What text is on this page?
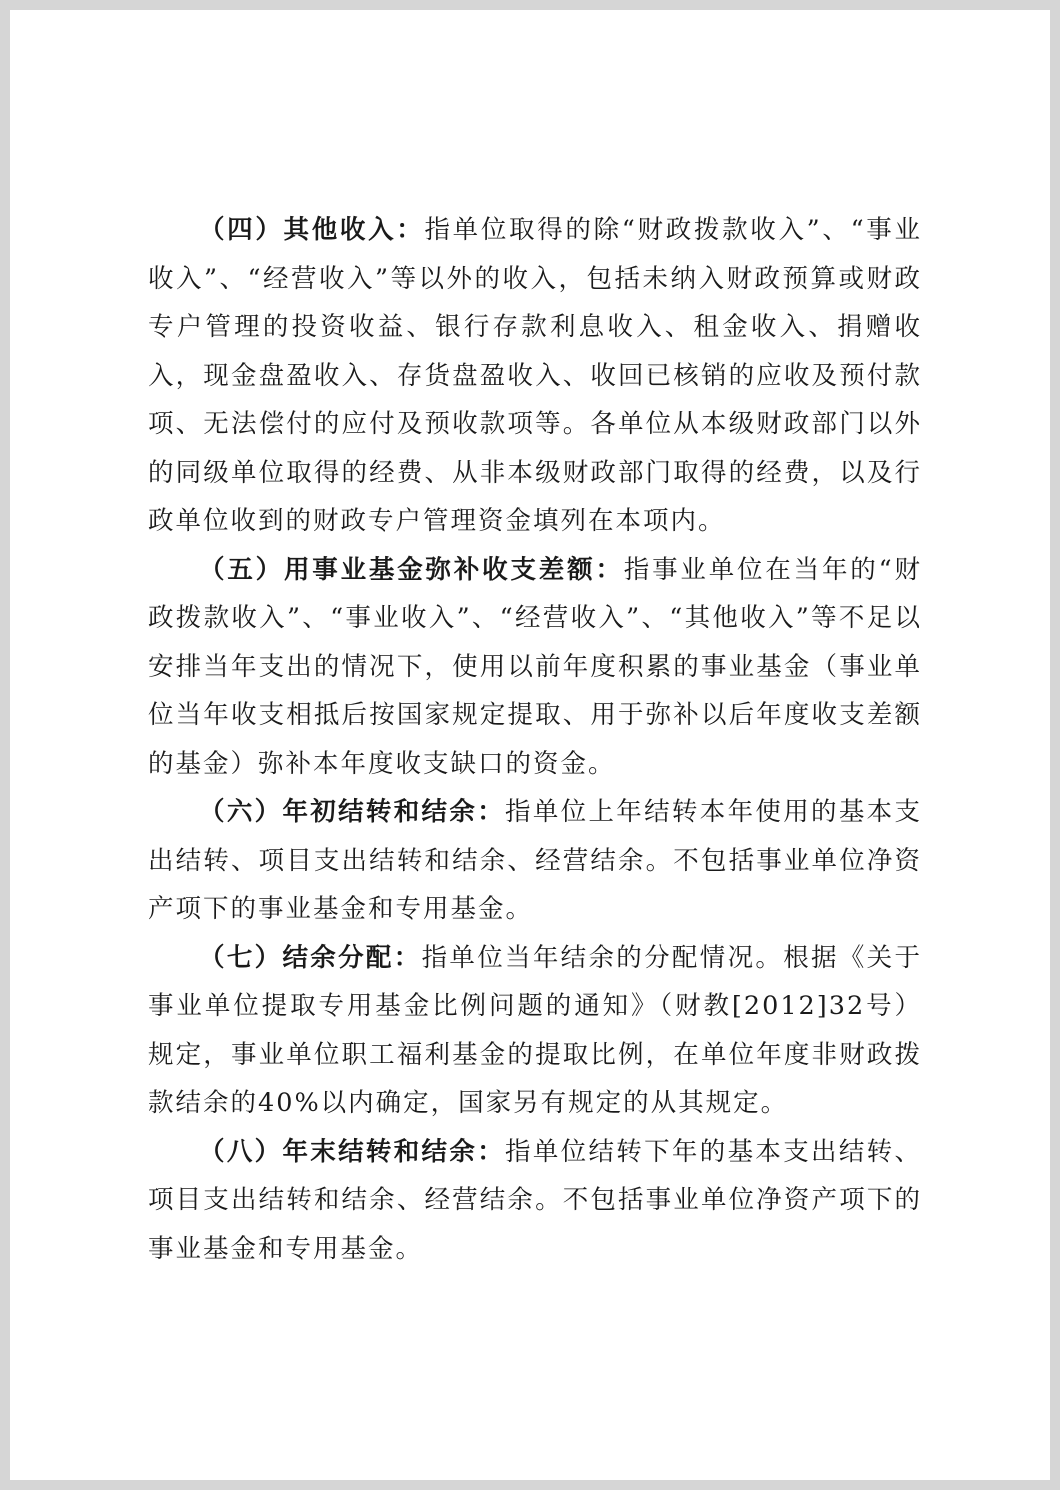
（四）其他收入：指单位取得的除“财政拨款收入”、“事业收入”、“经营收入”等以外的收入，包括未纳入财政预算或财政专户管理的投资收益、银行存款利息收入、租金收入、捐赠收入，现金盘盈收入、存货盘盈收入、收回已核销的应收及预付款项、无法偿付的应付及预收款项等。各单位从本级财政部门以外的同级单位取得的经费、从非本级财政部门取得的经费，以及行政单位收到的财政专户管理资金填列在本项内。

（五）用事业基金弥补收支差额：指事业单位在当年的“财政拨款收入”、“事业收入”、“经营收入”、“其他收入”等不足以安排当年支出的情况下，使用以前年度积累的事业基金（事业单位当年收支相抵后按国家规定提取、用于弥补以后年度收支差额的基金）弥补本年度收支缺口的资金。

（六）年初结转和结余：指单位上年结转本年使用的基本支出结转、项目支出结转和结余、经营结余。不包括事业单位净资产项下的事业基金和专用基金。

（七）结余分配：指单位当年结余的分配情况。根据《关于事业单位提取专用基金比例问题的通知》（财教[2012]32号）规定，事业单位职工福利基金的提取比例，在单位年度非财政拨款结余的40%以内确定，国家另有规定的从其规定。

（八）年末结转和结余：指单位结转下年的基本支出结转、项目支出结转和结余、经营结余。不包括事业单位净资产项下的事业基金和专用基金。
